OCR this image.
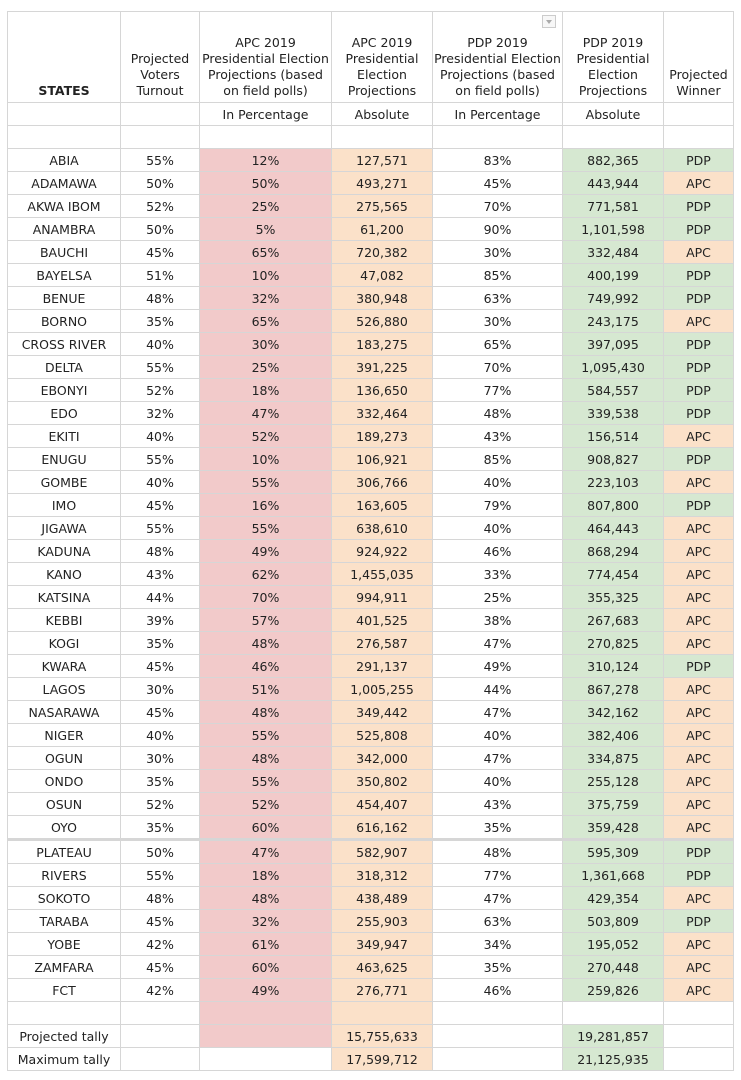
STATES	Projected Voters Turnout	APC 2019 Presidential Election Projections (based on field polls)	APC 2019 Presidential Election Projections	PDP 2019 Presidential Election Projections (based on field polls)	PDP 2019 Presidential Election Projections	Projected Winner
		In Percentage	Absolute	In Percentage	Absolute	

ABIA	55%	12%	127,571	83%	882,365	PDP
ADAMAWA	50%	50%	493,271	45%	443,944	APC
AKWA IBOM	52%	25%	275,565	70%	771,581	PDP
ANAMBRA	50%	5%	61,200	90%	1,101,598	PDP
BAUCHI	45%	65%	720,382	30%	332,484	APC
BAYELSA	51%	10%	47,082	85%	400,199	PDP
BENUE	48%	32%	380,948	63%	749,992	PDP
BORNO	35%	65%	526,880	30%	243,175	APC
CROSS RIVER	40%	30%	183,275	65%	397,095	PDP
DELTA	55%	25%	391,225	70%	1,095,430	PDP
EBONYI	52%	18%	136,650	77%	584,557	PDP
EDO	32%	47%	332,464	48%	339,538	PDP
EKITI	40%	52%	189,273	43%	156,514	APC
ENUGU	55%	10%	106,921	85%	908,827	PDP
GOMBE	40%	55%	306,766	40%	223,103	APC
IMO	45%	16%	163,605	79%	807,800	PDP
JIGAWA	55%	55%	638,610	40%	464,443	APC
KADUNA	48%	49%	924,922	46%	868,294	APC
KANO	43%	62%	1,455,035	33%	774,454	APC
KATSINA	44%	70%	994,911	25%	355,325	APC
KEBBI	39%	57%	401,525	38%	267,683	APC
KOGI	35%	48%	276,587	47%	270,825	APC
KWARA	45%	46%	291,137	49%	310,124	PDP
LAGOS	30%	51%	1,005,255	44%	867,278	APC
NASARAWA	45%	48%	349,442	47%	342,162	APC
NIGER	40%	55%	525,808	40%	382,406	APC
OGUN	30%	48%	342,000	47%	334,875	APC
ONDO	35%	55%	350,802	40%	255,128	APC
OSUN	52%	52%	454,407	43%	375,759	APC
OYO	35%	60%	616,162	35%	359,428	APC
PLATEAU	50%	47%	582,907	48%	595,309	PDP
RIVERS	55%	18%	318,312	77%	1,361,668	PDP
SOKOTO	48%	48%	438,489	47%	429,354	APC
TARABA	45%	32%	255,903	63%	503,809	PDP
YOBE	42%	61%	349,947	34%	195,052	APC
ZAMFARA	45%	60%	463,625	35%	270,448	APC
FCT	42%	49%	276,771	46%	259,826	APC

Projected tally			15,755,633		19,281,857	
Maximum tally			17,599,712		21,125,935	
